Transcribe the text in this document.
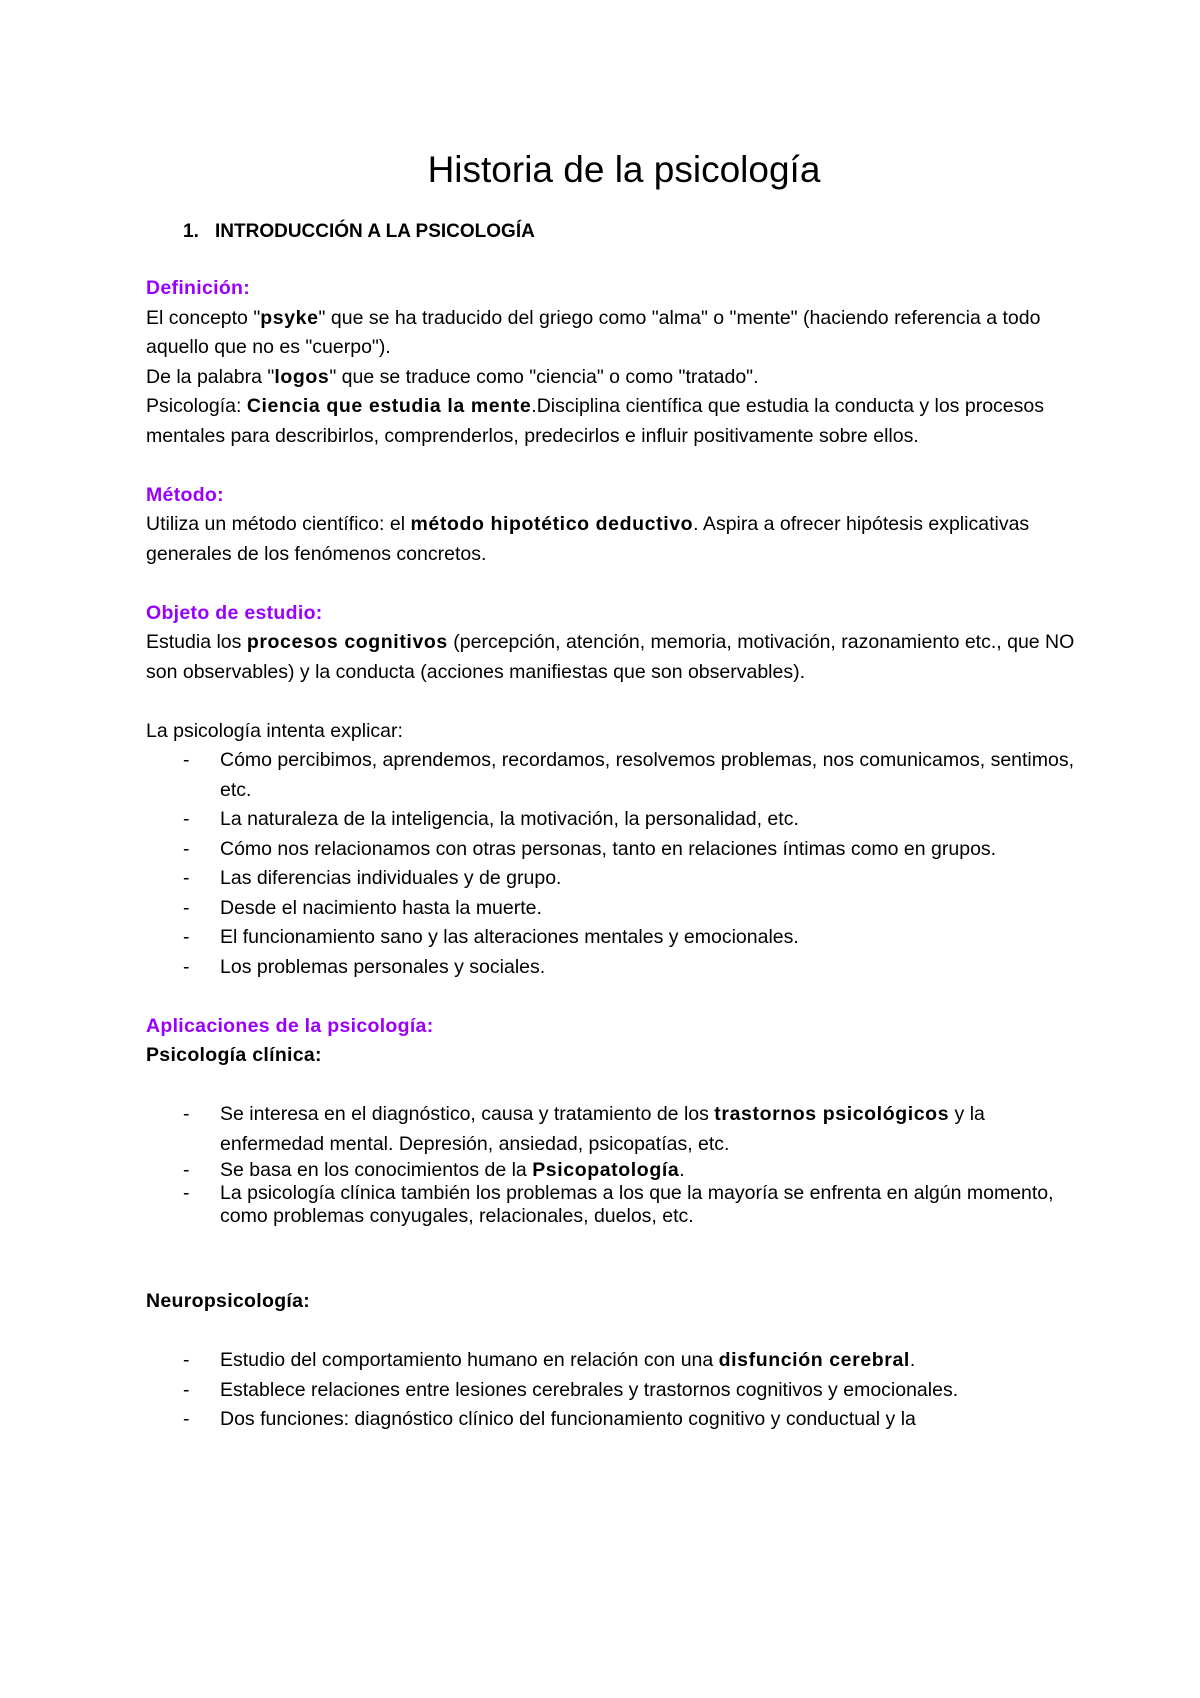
Historia de la psicología
1. INTRODUCCIÓN A LA PSICOLOGÍA

Definición:

El concepto "psyke" que se ha traducido del griego como "alma" o "mente" (haciendo referencia a todo aquello que no es "cuerpo").

De la palabra "logos" que se traduce como "ciencia" o como "tratado".

Psicología: Ciencia que estudia la mente.Disciplina científica que estudia la conducta y los procesos mentales para describirlos, comprenderlos, predecirlos e influir positivamente sobre ellos.

Método:

Utiliza un método científico: el método hipotético deductivo. Aspira a ofrecer hipótesis explicativas generales de los fenómenos concretos.

Objeto de estudio:

Estudia los procesos cognitivos (percepción, atención, memoria, motivación, razonamiento etc., que NO son observables) y la conducta (acciones manifiestas que son observables).

La psicología intenta explicar:

- Cómo percibimos, aprendemos, recordamos, resolvemos problemas, nos comunicamos, sentimos, etc.
- La naturaleza de la inteligencia, la motivación, la personalidad, etc.
- Cómo nos relacionamos con otras personas, tanto en relaciones íntimas como en grupos.
- Las diferencias individuales y de grupo.
- Desde el nacimiento hasta la muerte.
- El funcionamiento sano y las alteraciones mentales y emocionales.
- Los problemas personales y sociales.

Aplicaciones de la psicología:

Psicología clínica:

- Se interesa en el diagnóstico, causa y tratamiento de los trastornos psicológicos y la enfermedad mental. Depresión, ansiedad, psicopatías, etc.
- Se basa en los conocimientos de la Psicopatología.
- La psicología clínica también los problemas a los que la mayoría se enfrenta en algún momento, como problemas conyugales, relacionales, duelos, etc.

Neuropsicología:

- Estudio del comportamiento humano en relación con una disfunción cerebral.
- Establece relaciones entre lesiones cerebrales y trastornos cognitivos y emocionales.
- Dos funciones: diagnóstico clínico del funcionamiento cognitivo y conductual y la
